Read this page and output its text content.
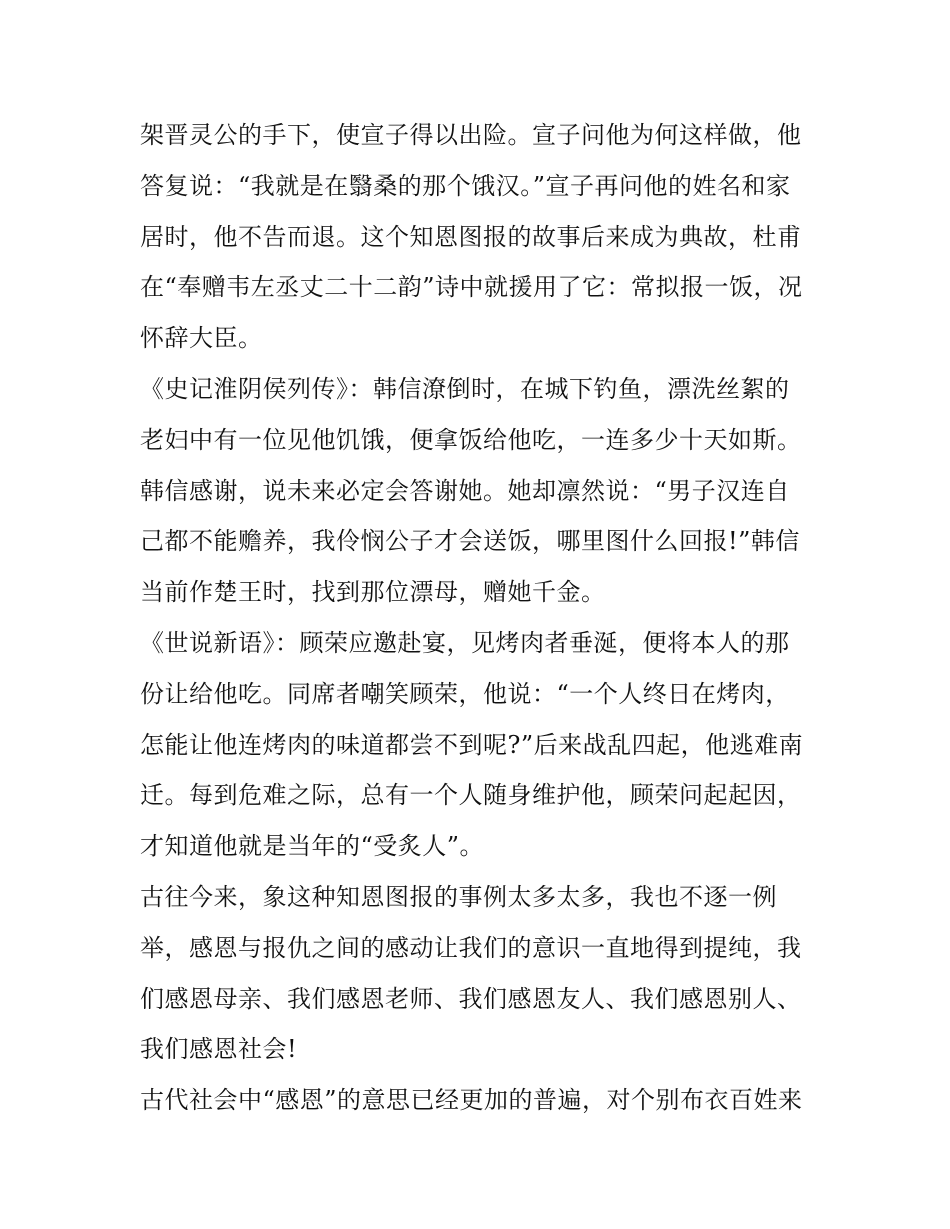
架晋灵公的手下，使宣子得以出险。宣子问他为何这样做，他
答复说：“我就是在翳桑的那个饿汉。”宣子再问他的姓名和家
居时，他不告而退。这个知恩图报的故事后来成为典故，杜甫
在“奉赠韦左丞丈二十二韵”诗中就援用了它：常拟报一饭，况
怀辞大臣。
《史记淮阴侯列传》：韩信潦倒时，在城下钓鱼，漂洗丝絮的
老妇中有一位见他饥饿，便拿饭给他吃，一连多少十天如斯。
韩信感谢，说未来必定会答谢她。她却凛然说：“男子汉连自
己都不能赡养，我伶悯公子才会送饭，哪里图什么回报!”韩信
当前作楚王时，找到那位漂母，赠她千金。
《世说新语》：顾荣应邀赴宴，见烤肉者垂涎，便将本人的那
份让给他吃。同席者嘲笑顾荣，他说：“一个人终日在烤肉，
怎能让他连烤肉的味道都尝不到呢?”后来战乱四起，他逃难南
迁。每到危难之际，总有一个人随身维护他，顾荣问起起因，
才知道他就是当年的“受炙人”。
古往今来，象这种知恩图报的事例太多太多，我也不逐一例
举，感恩与报仇之间的感动让我们的意识一直地得到提纯，我
们感恩母亲、我们感恩老师、我们感恩友人、我们感恩别人、
我们感恩社会!
古代社会中“感恩”的意思已经更加的普遍，对个别布衣百姓来
